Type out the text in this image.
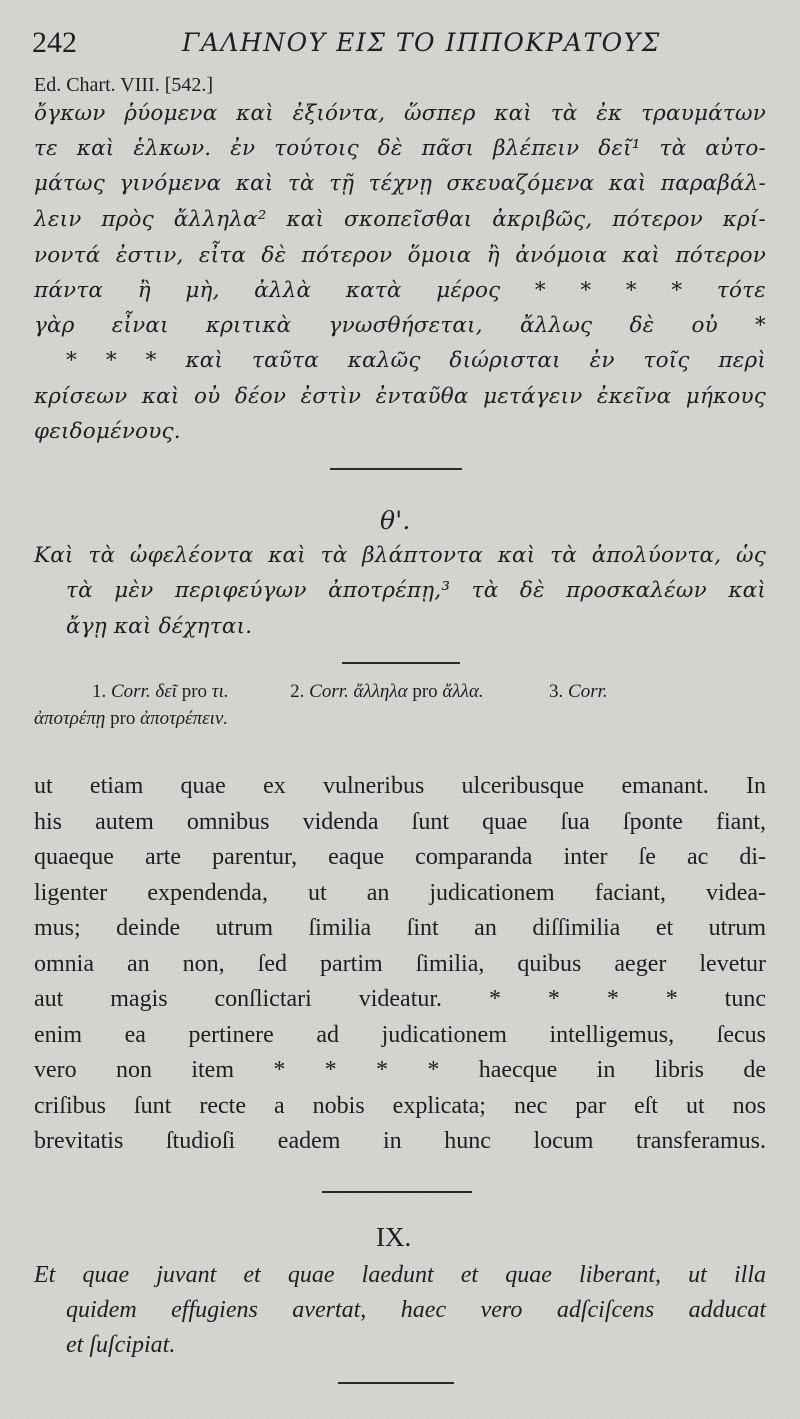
242	ΓΑΛΗΝΟΥ ΕΙΣ ΤΟ ΙΠΠΟΚΡΑΤΟΥΣ
Ed. Chart. VIII. [542.]
ὄγκων ῥύομενα καὶ ἐξιόντα, ὥσπερ καὶ τὰ ἐκ τραυμάτων
τε καὶ ἑλκων. ἐν τούτοις δὲ πᾶσι βλέπειν δεῖ¹ τὰ αὐτο-
μάτως γινόμενα καὶ τὰ τῇ τέχνῃ σκευαζόμενα καὶ παραβάλ-
λειν πρὸς ἄλληλα² καὶ σκοπεῖσθαι ἀκριβῶς, πότερον κρί-
νοντά ἐστιν, εἶτα δὲ πότερον ὅμοια ἢ ἀνόμοια καὶ πότερον
πάντα ἢ μὴ, ἀλλὰ κατὰ μέρος * * * * τότε
γὰρ εἶναι κριτικὰ γνωσθήσεται, ἄλλως δὲ οὐ *
* * * καὶ ταῦτα καλῶς διώρισται ἐν τοῖς περὶ
κρίσεων καὶ οὐ δέον ἐστὶν ἐνταῦθα μετάγειν ἐκεῖνα μήκους
φειδομένους.
θ'.
Καὶ τὰ ὠφελέοντα καὶ τὰ βλάπτοντα καὶ τὰ ἀπολύοντα, ὡς
τὰ μὲν περιφεύγων ἀποτρέπῃ,³ τὰ δὲ προσκαλέων καὶ
ἄγῃ καὶ δέχηται.
1. Corr. δεῖ pro τι.	2. Corr. ἄλληλα pro ἄλλα.	3. Corr.
ἀποτρέπῃ pro ἀποτρέπειν.
ut etiam quae ex vulneribus ulceribusque emanant. In
his autem omnibus videnda ſunt quae ſua ſponte fiant,
quaeque arte parentur, eaque comparanda inter ſe ac di-
ligenter expendenda, ut an judicationem faciant, videa-
mus; deinde utrum ſimilia ſint an diſſimilia et utrum
omnia an non, ſed partim ſimilia, quibus aeger levetur
aut magis conſlictari videatur. * * * * tunc
enim ea pertinere ad judicationem intelligemus, ſecus
vero non item * * * * haecque in libris de
criſibus ſunt recte a nobis explicata; nec par eſt ut nos
brevitatis ſtudioſi eadem in hunc locum transferamus.
IX.
Et quae juvant et quae laedunt et quae liberant, ut illa
quidem effugiens avertat, haec vero adſciſcens adducat
et ſuſcipiat.
